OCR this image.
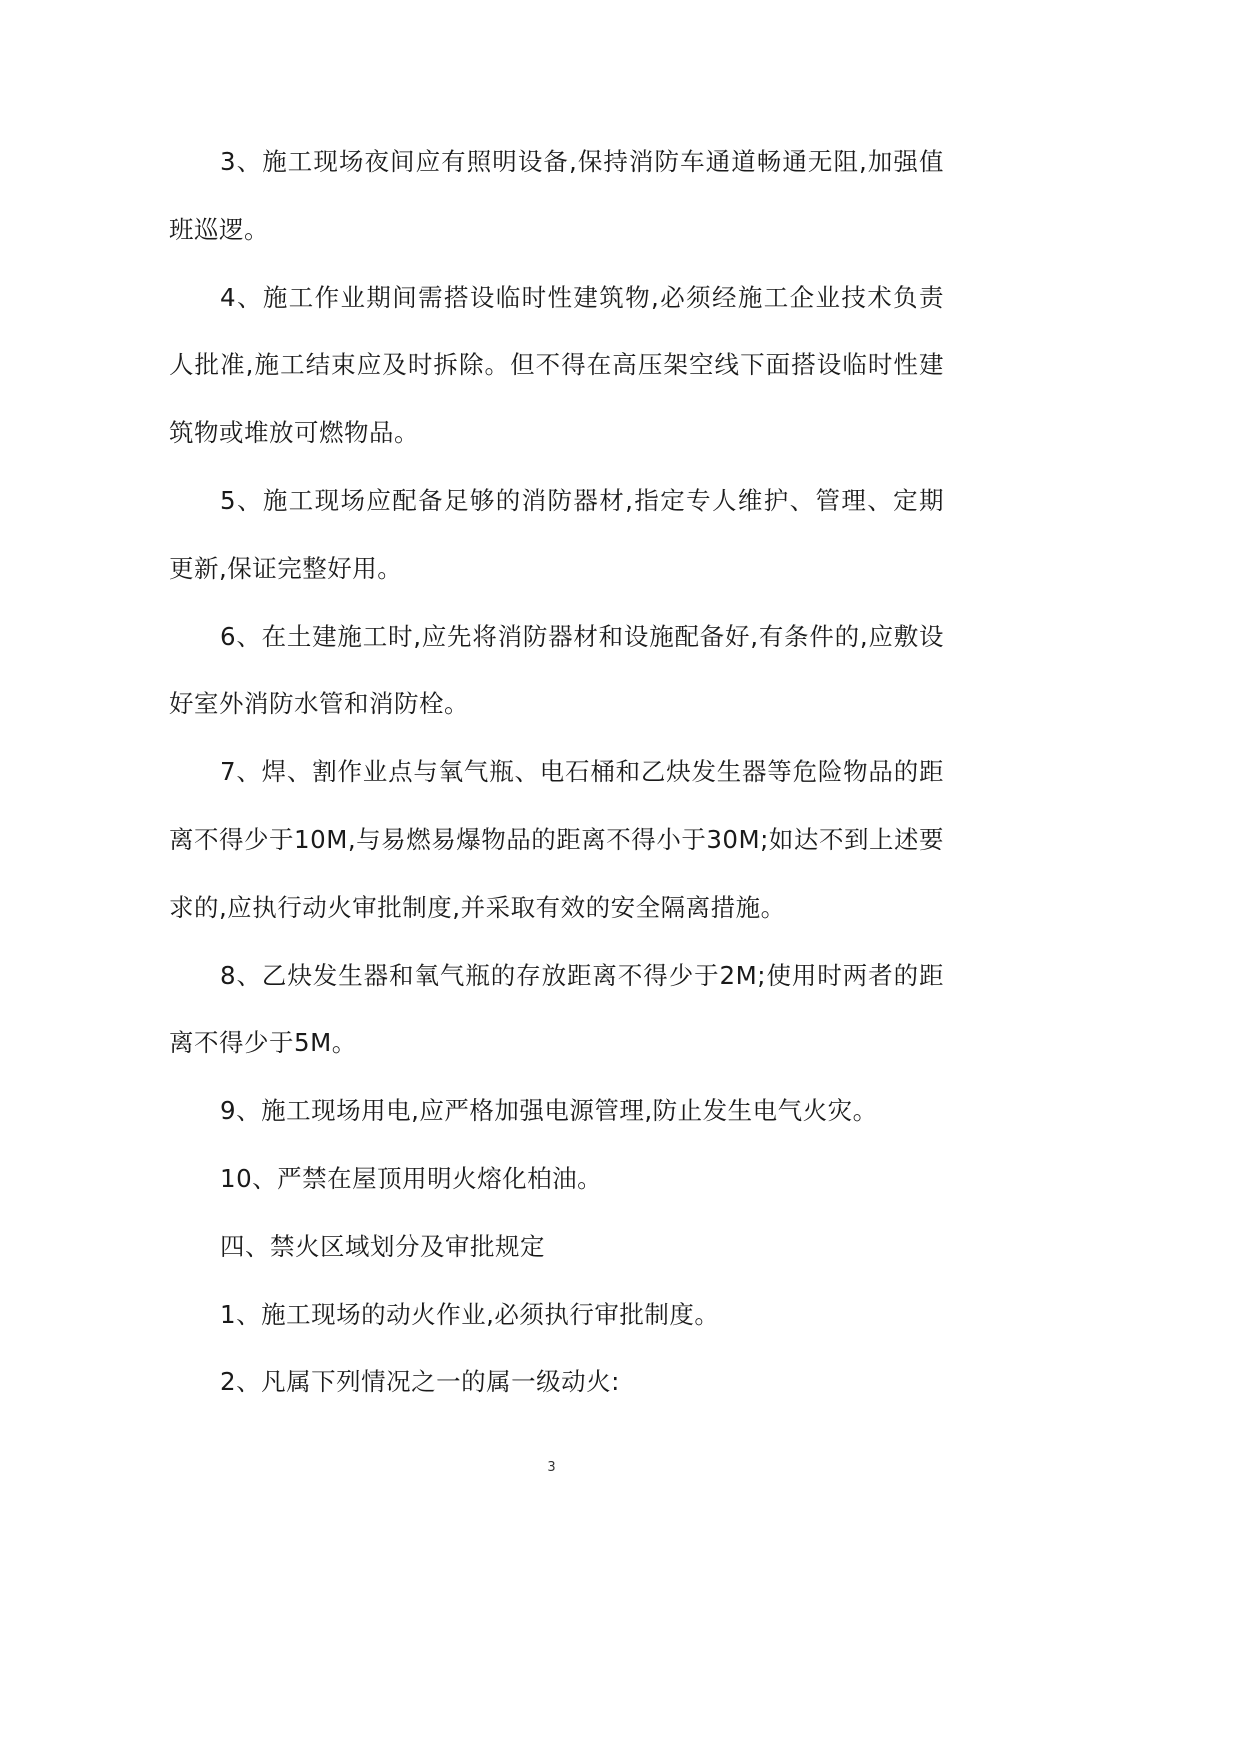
3、施工现场夜间应有照明设备,保持消防车通道畅通无阻,加强值班巡逻。

4、施工作业期间需搭设临时性建筑物,必须经施工企业技术负责人批准,施工结束应及时拆除。但不得在高压架空线下面搭设临时性建筑物或堆放可燃物品。

5、施工现场应配备足够的消防器材,指定专人维护、管理、定期更新,保证完整好用。

6、在土建施工时,应先将消防器材和设施配备好,有条件的,应敷设好室外消防水管和消防栓。

7、焊、割作业点与氧气瓶、电石桶和乙炔发生器等危险物品的距离不得少于10M,与易燃易爆物品的距离不得小于30M;如达不到上述要求的,应执行动火审批制度,并采取有效的安全隔离措施。

8、乙炔发生器和氧气瓶的存放距离不得少于2M;使用时两者的距离不得少于5M。

9、施工现场用电,应严格加强电源管理,防止发生电气火灾。

10、严禁在屋顶用明火熔化柏油。

四、禁火区域划分及审批规定

1、施工现场的动火作业,必须执行审批制度。

2、凡属下列情况之一的属一级动火:

3
